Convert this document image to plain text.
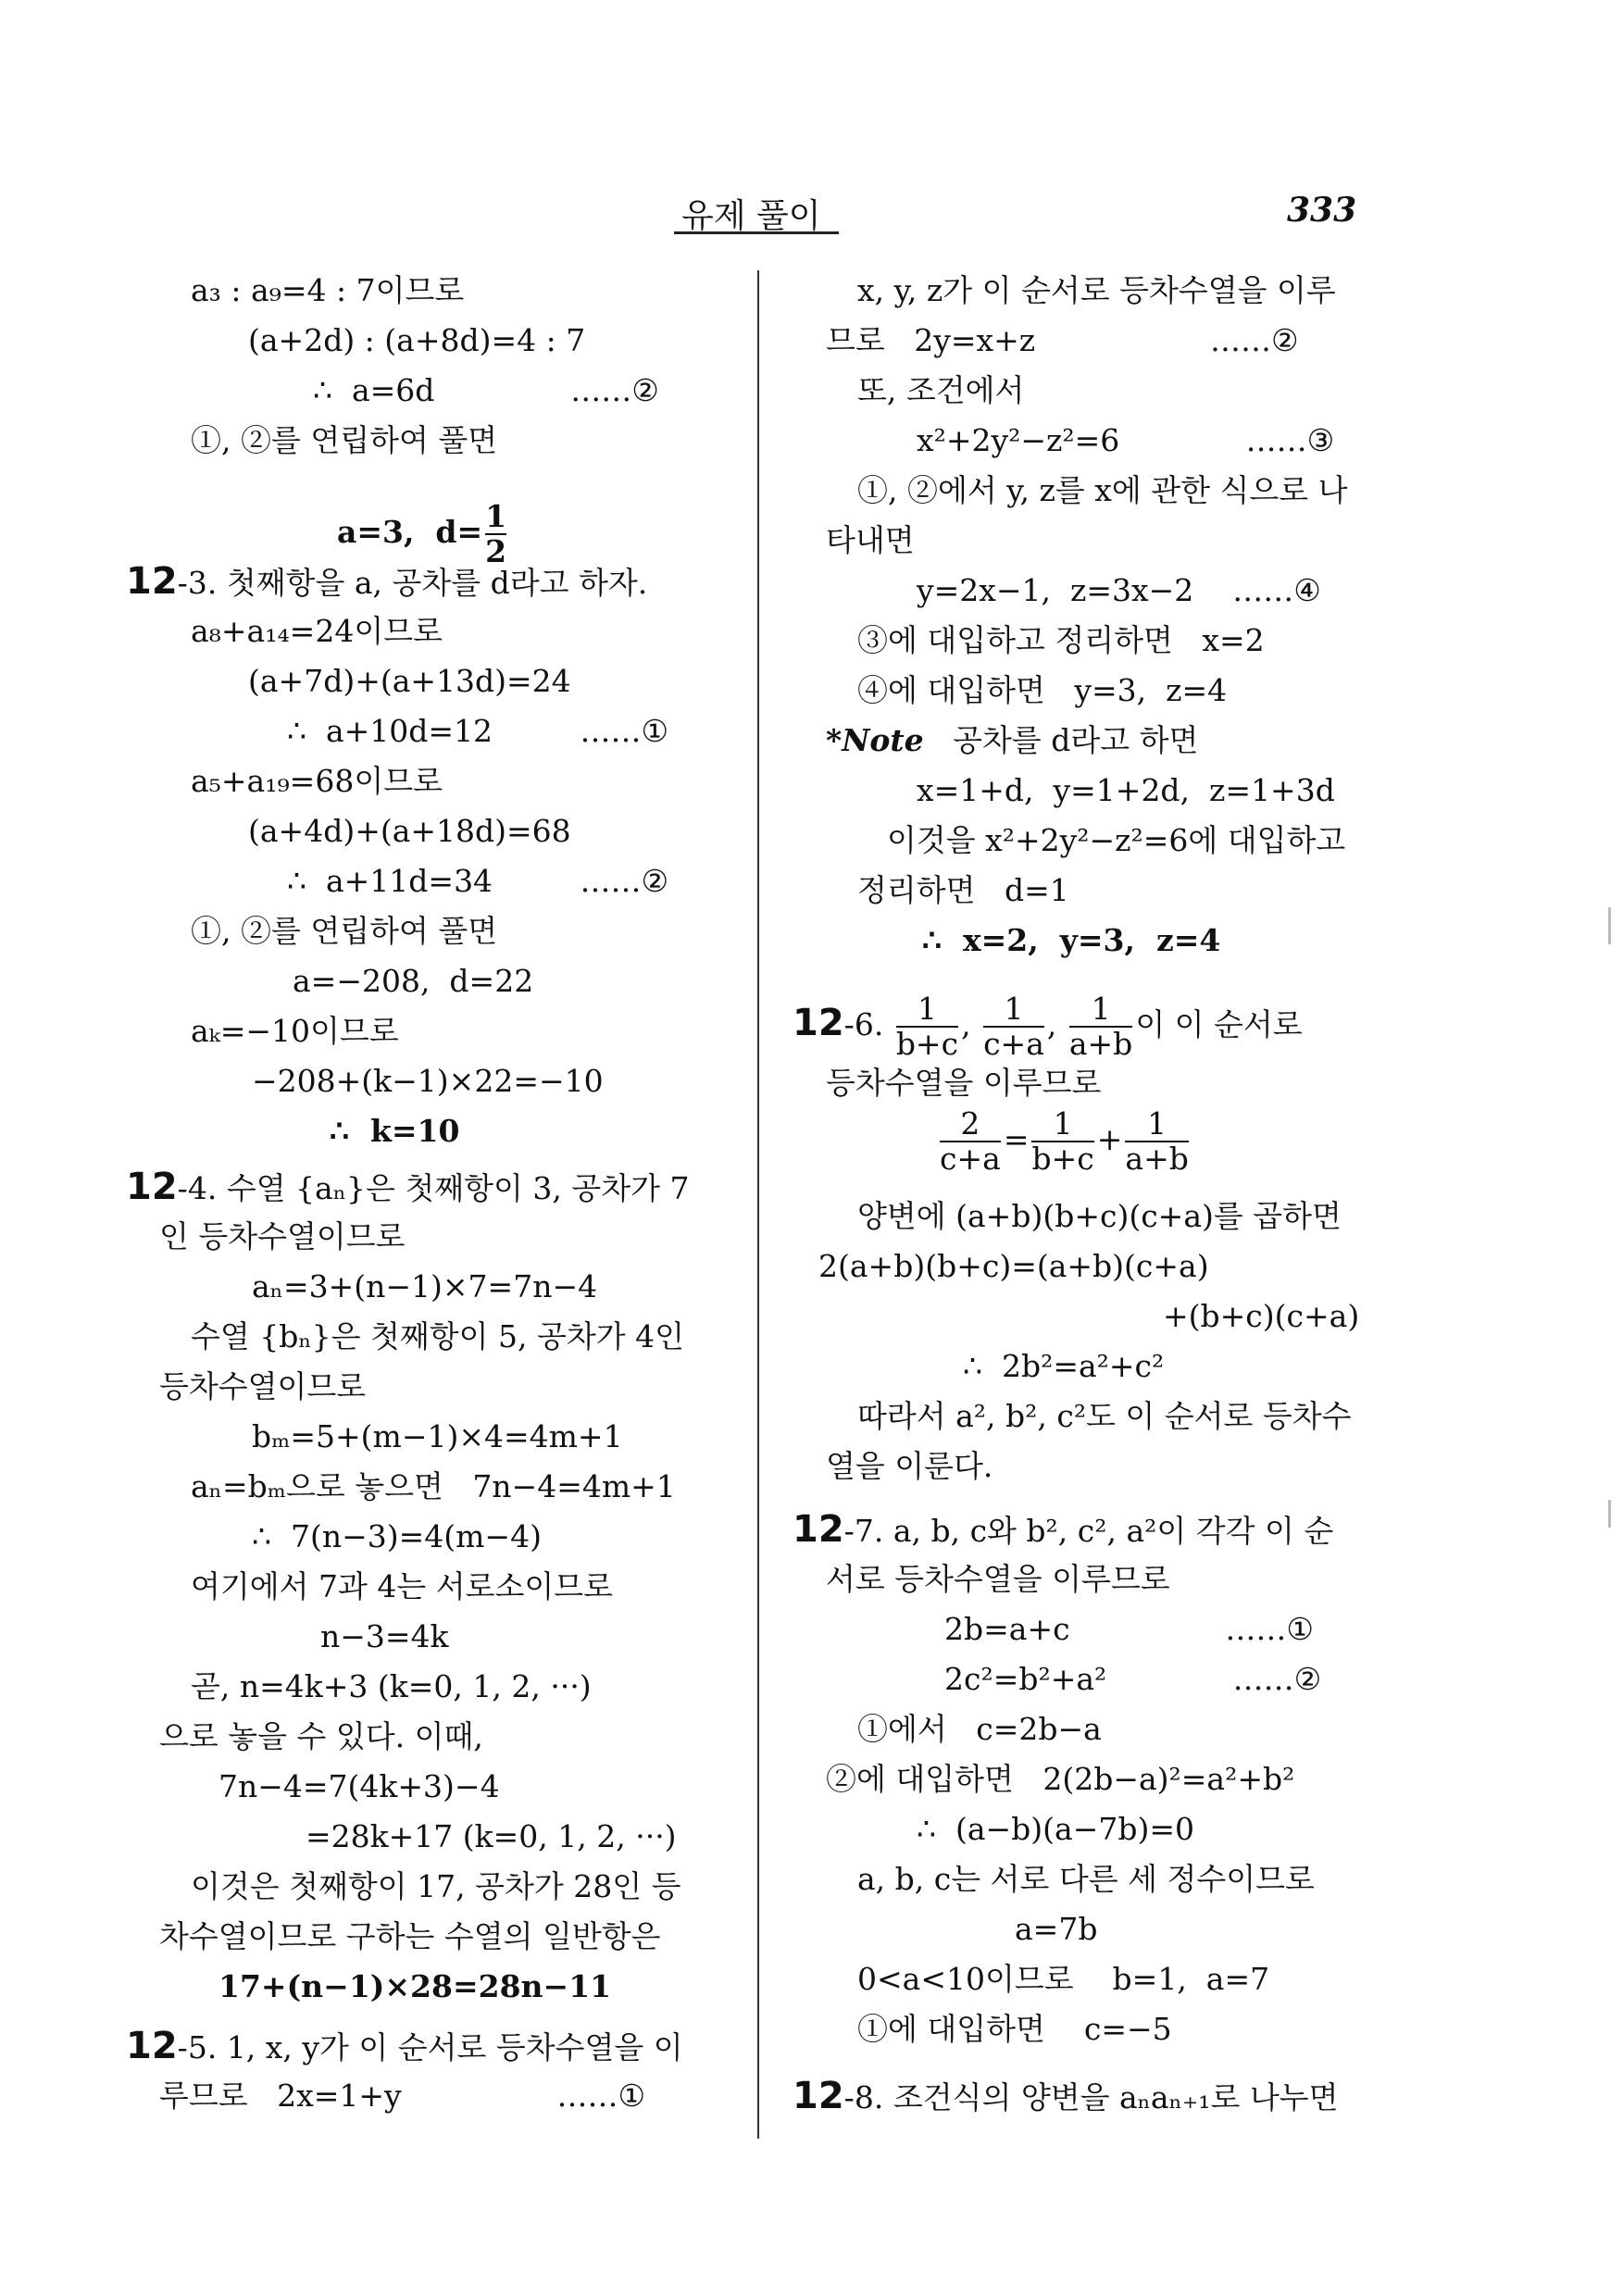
유제 풀이	333
a₃ : a₉=4 : 7이므로
(a+2d) : (a+8d)=4 : 7
∴  a=6d              ……②
①, ②를 연립하여 풀면

a=3,  $d= \frac{1}{2}$

12-3. 첫째항을 a, 공차를 d라고 하자.
a₈+a₁₄=24이므로
(a+7d)+(a+13d)=24
∴  a+10d=12         ……①
a₅+a₁₉=68이므로
(a+4d)+(a+18d)=68
∴  a+11d=34         ……②
①, ②를 연립하여 풀면
a=−208,  d=22
aₖ=−10이므로
−208+(k−1)×22=−10
∴  k=10
12-4. 수열 {aₙ}은 첫째항이 3, 공차가 7
인 등차수열이므로
aₙ=3+(n−1)×7=7n−4
수열 {bₙ}은 첫째항이 5, 공차가 4인
등차수열이므로
bₘ=5+(m−1)×4=4m+1
aₙ=bₘ으로 놓으면   7n−4=4m+1
∴  7(n−3)=4(m−4)
여기에서 7과 4는 서로소이므로
n−3=4k
곧, n=4k+3 (k=0, 1, 2, ···)
으로 놓을 수 있다. 이때,
7n−4=7(4k+3)−4
=28k+17 (k=0, 1, 2, ···)
이것은 첫째항이 17, 공차가 28인 등
차수열이므로 구하는 수열의 일반항은
17+(n−1)×28=28n−11
12-5. 1, x, y가 이 순서로 등차수열을 이
루므로   2x=1+y                ……①
x, y, z가 이 순서로 등차수열을 이루
므로   2y=x+z                  ……②
또, 조건에서
x²+2y²−z²=6             ……③
①, ②에서 y, z를 x에 관한 식으로 나
타내면
y=2x−1,  z=3x−2    ……④
③에 대입하고 정리하면   x=2
④에 대입하면   y=3,  z=4
*Note   공차를 d라고 하면
x=1+d,  y=1+2d,  z=1+3d
이것을 x²+2y²−z²=6에 대입하고
정리하면   d=1
∴  x=2,  y=3,  z=4
12-6. $\frac{1}{b+c}$ , $\frac{1}{c+a}$ , $\frac{1}{a+b}$ 이 이 순서로
등차수열을 이루므로
$\frac{2}{c+a} = \frac{1}{b+c} + \frac{1}{a+b}$
양변에 (a+b)(b+c)(c+a)를 곱하면
2(a+b)(b+c)=(a+b)(c+a)
+(b+c)(c+a)
∴  2b²=a²+c²
따라서 a², b², c²도 이 순서로 등차수
열을 이룬다.
12-7. a, b, c와 b², c², a²이 각각 이 순
서로 등차수열을 이루므로
2b=a+c                ……①
2c²=b²+a²             ……②
①에서   c=2b−a
②에 대입하면   2(2b−a)²=a²+b²
∴  (a−b)(a−7b)=0
a, b, c는 서로 다른 세 정수이므로
a=7b
0<a<10이므로    b=1,  a=7
①에 대입하면    c=−5
12-8. 조건식의 양변을 aₙaₙ₊₁로 나누면
